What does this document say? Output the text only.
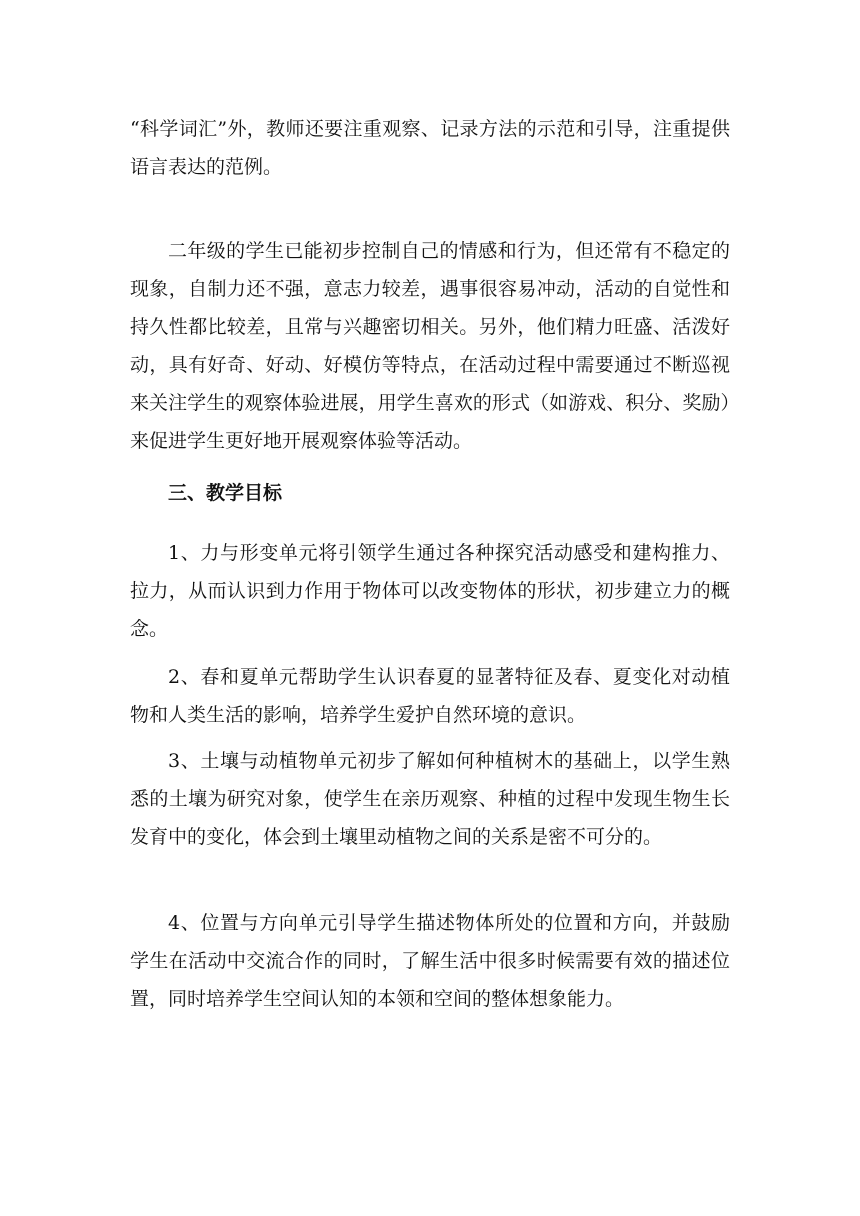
“科学词汇”外，教师还要注重观察、记录方法的示范和引导，注重提供语言表达的范例。

二年级的学生已能初步控制自己的情感和行为，但还常有不稳定的现象，自制力还不强，意志力较差，遇事很容易冲动，活动的自觉性和持久性都比较差，且常与兴趣密切相关。另外，他们精力旺盛、活泼好动，具有好奇、好动、好模仿等特点，在活动过程中需要通过不断巡视来关注学生的观察体验进展，用学生喜欢的形式（如游戏、积分、奖励）来促进学生更好地开展观察体验等活动。

三、教学目标

1、力与形变单元将引领学生通过各种探究活动感受和建构推力、拉力，从而认识到力作用于物体可以改变物体的形状，初步建立力的概念。

2、春和夏单元帮助学生认识春夏的显著特征及春、夏变化对动植物和人类生活的影响，培养学生爱护自然环境的意识。

3、土壤与动植物单元初步了解如何种植树木的基础上，以学生熟悉的土壤为研究对象，使学生在亲历观察、种植的过程中发现生物生长发育中的变化，体会到土壤里动植物之间的关系是密不可分的。

4、位置与方向单元引导学生描述物体所处的位置和方向，并鼓励学生在活动中交流合作的同时，了解生活中很多时候需要有效的描述位置，同时培养学生空间认知的本领和空间的整体想象能力。
